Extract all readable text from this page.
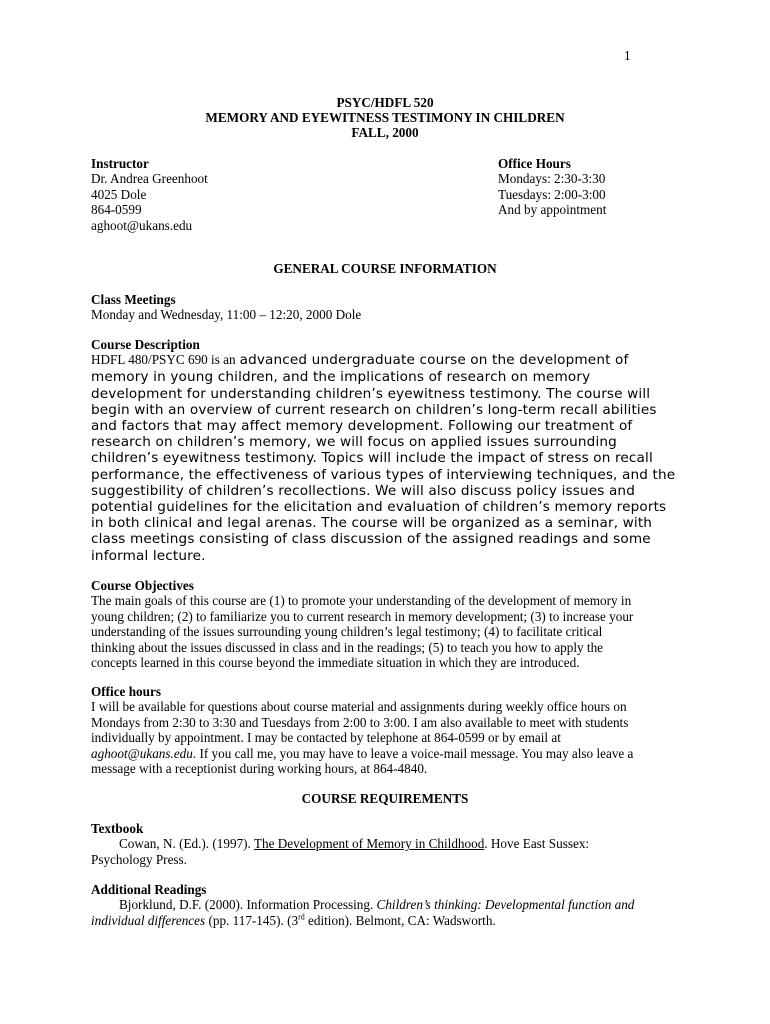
1
PSYC/HDFL 520
MEMORY AND EYEWITNESS TESTIMONY IN CHILDREN
FALL, 2000
Instructor
Dr. Andrea Greenhoot
4025 Dole
864-0599
aghoot@ukans.edu
Office Hours
Mondays: 2:30-3:30
Tuesdays: 2:00-3:00
And by appointment
GENERAL COURSE INFORMATION
Class Meetings
Monday and Wednesday, 11:00 – 12:20, 2000 Dole
Course Description
HDFL 480/PSYC 690 is an advanced undergraduate course on the development of
memory in young children, and the implications of research on memory
development for understanding children’s eyewitness testimony. The course will
begin with an overview of current research on children’s long-term recall abilities
and factors that may affect memory development. Following our treatment of
research on children’s memory, we will focus on applied issues surrounding
children’s eyewitness testimony. Topics will include the impact of stress on recall
performance, the effectiveness of various types of interviewing techniques, and the
suggestibility of children’s recollections. We will also discuss policy issues and
potential guidelines for the elicitation and evaluation of children’s memory reports
in both clinical and legal arenas. The course will be organized as a seminar, with
class meetings consisting of class discussion of the assigned readings and some
informal lecture.
Course Objectives
The main goals of this course are (1) to promote your understanding of the development of memory in
young children; (2) to familiarize you to current research in memory development; (3) to increase your
understanding of the issues surrounding young children’s legal testimony; (4) to facilitate critical
thinking about the issues discussed in class and in the readings; (5) to teach you how to apply the
concepts learned in this course beyond the immediate situation in which they are introduced.
Office hours
I will be available for questions about course material and assignments during weekly office hours on
Mondays from 2:30 to 3:30 and Tuesdays from 2:00 to 3:00. I am also available to meet with students
individually by appointment. I may be contacted by telephone at 864-0599 or by email at
aghoot@ukans.edu. If you call me, you may have to leave a voice-mail message. You may also leave a
message with a receptionist during working hours, at 864-4840.
COURSE REQUIREMENTS
Textbook
Cowan, N. (Ed.). (1997). The Development of Memory in Childhood. Hove East Sussex:
Psychology Press.
Additional Readings
Bjorklund, D.F. (2000). Information Processing. Children’s thinking: Developmental function and
individual differences (pp. 117-145). (3rd edition). Belmont, CA: Wadsworth.
